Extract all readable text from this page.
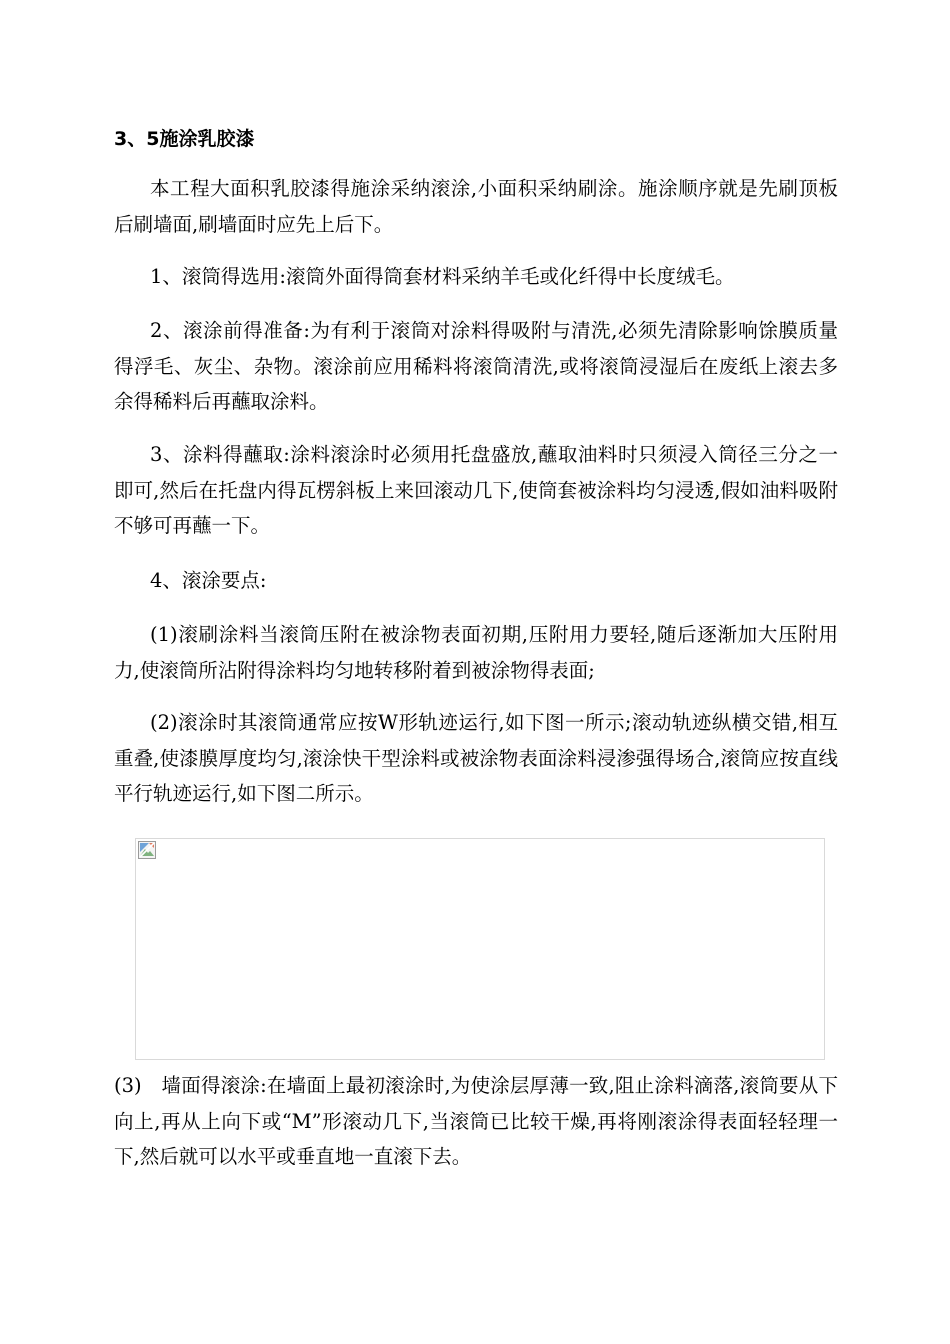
3、5施涂乳胶漆

本工程大面积乳胶漆得施涂采纳滚涂,小面积采纳刷涂。施涂顺序就是先刷顶板后刷墙面,刷墙面时应先上后下。

1、滚筒得选用:滚筒外面得筒套材料采纳羊毛或化纤得中长度绒毛。

2、滚涂前得准备:为有利于滚筒对涂料得吸附与清洗,必须先清除影响馀膜质量得浮毛、灰尘、杂物。滚涂前应用稀料将滚筒清洗,或将滚筒浸湿后在废纸上滚去多余得稀料后再蘸取涂料。

3、涂料得蘸取:涂料滚涂时必须用托盘盛放,蘸取油料时只须浸入筒径三分之一即可,然后在托盘内得瓦楞斜板上来回滚动几下,使筒套被涂料均匀浸透,假如油料吸附不够可再蘸一下。

4、滚涂要点:

(1)滚刷涂料当滚筒压附在被涂物表面初期,压附用力要轻,随后逐渐加大压附用力,使滚筒所沾附得涂料均匀地转移附着到被涂物得表面;

(2)滚涂时其滚筒通常应按W形轨迹运行,如下图一所示;滚动轨迹纵横交错,相互重叠,使漆膜厚度均匀,滚涂快干型涂料或被涂物表面涂料浸渗强得场合,滚筒应按直线平行轨迹运行,如下图二所示。

(3)　墙面得滚涂:在墙面上最初滚涂时,为使涂层厚薄一致,阻止涂料滴落,滚筒要从下向上,再从上向下或“M”形滚动几下,当滚筒已比较干燥,再将刚滚涂得表面轻轻理一下,然后就可以水平或垂直地一直滚下去。
